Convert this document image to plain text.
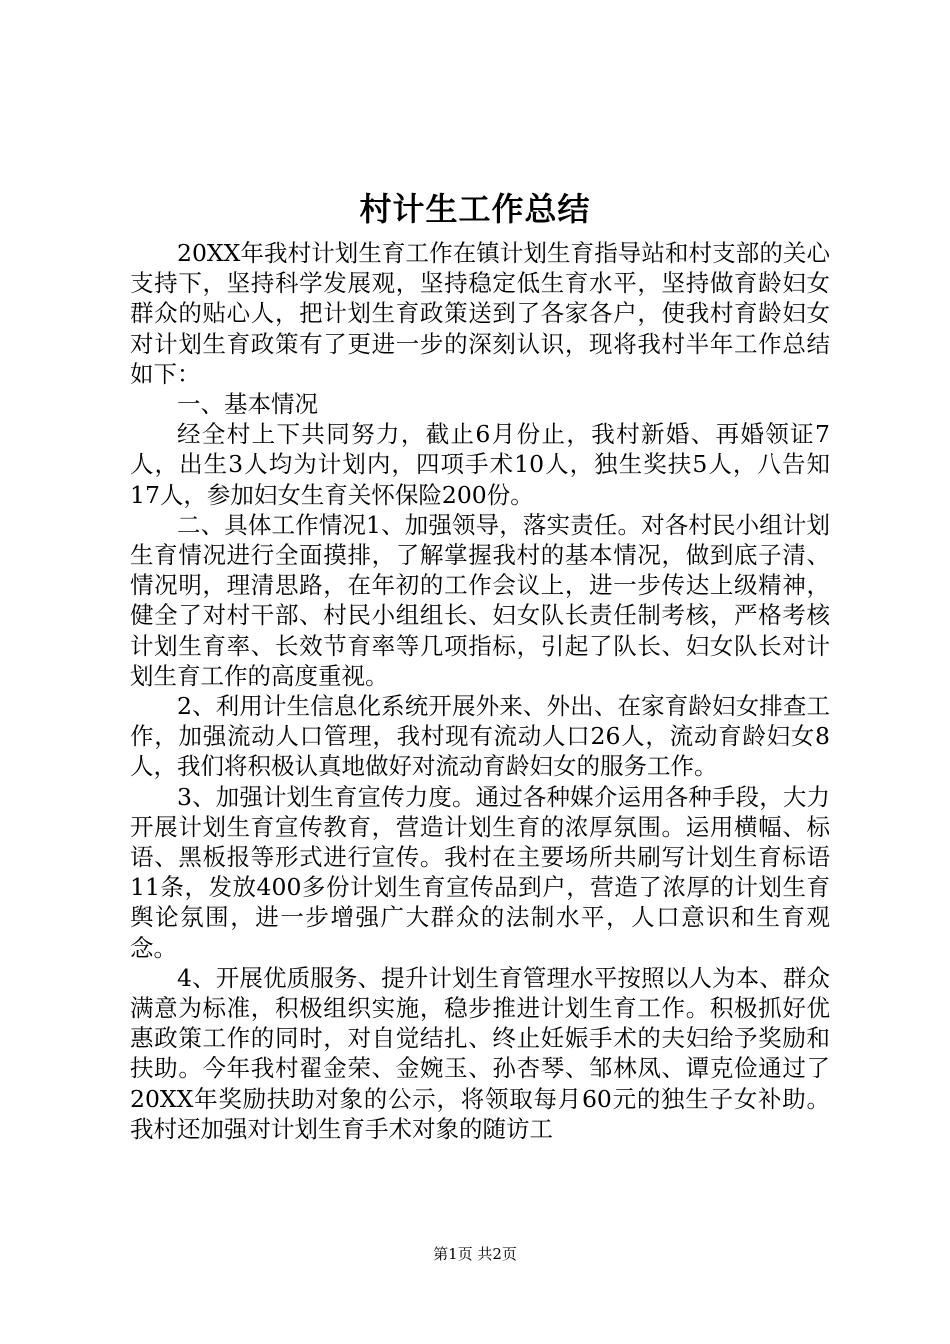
村计生工作总结

20XX年我村计划生育工作在镇计划生育指导站和村支部的关心支持下，坚持科学发展观，坚持稳定低生育水平，坚持做育龄妇女群众的贴心人，把计划生育政策送到了各家各户，使我村育龄妇女对计划生育政策有了更进一步的深刻认识，现将我村半年工作总结如下：

一、基本情况

经全村上下共同努力，截止6月份止，我村新婚、再婚领证7人，出生3人均为计划内，四项手术10人，独生奖扶5人，八告知17人，参加妇女生育关怀保险200份。

二、具体工作情况1、加强领导，落实责任。对各村民小组计划生育情况进行全面摸排，了解掌握我村的基本情况，做到底子清、情况明，理清思路，在年初的工作会议上，进一步传达上级精神，健全了对村干部、村民小组组长、妇女队长责任制考核，严格考核计划生育率、长效节育率等几项指标，引起了队长、妇女队长对计划生育工作的高度重视。

2、利用计生信息化系统开展外来、外出、在家育龄妇女排查工作，加强流动人口管理，我村现有流动人口26人，流动育龄妇女8人，我们将积极认真地做好对流动育龄妇女的服务工作。

3、加强计划生育宣传力度。通过各种媒介运用各种手段，大力开展计划生育宣传教育，营造计划生育的浓厚氛围。运用横幅、标语、黑板报等形式进行宣传。我村在主要场所共刷写计划生育标语11条，发放400多份计划生育宣传品到户，营造了浓厚的计划生育舆论氛围，进一步增强广大群众的法制水平，人口意识和生育观念。

4、开展优质服务、提升计划生育管理水平按照以人为本、群众满意为标准，积极组织实施，稳步推进计划生育工作。积极抓好优惠政策工作的同时，对自觉结扎、终止妊娠手术的夫妇给予奖励和扶助。今年我村翟金荣、金婉玉、孙杏琴、邹林凤、谭克俭通过了20XX年奖励扶助对象的公示，将领取每月60元的独生子女补助。我村还加强对计划生育手术对象的随访工

第1页 共2页
